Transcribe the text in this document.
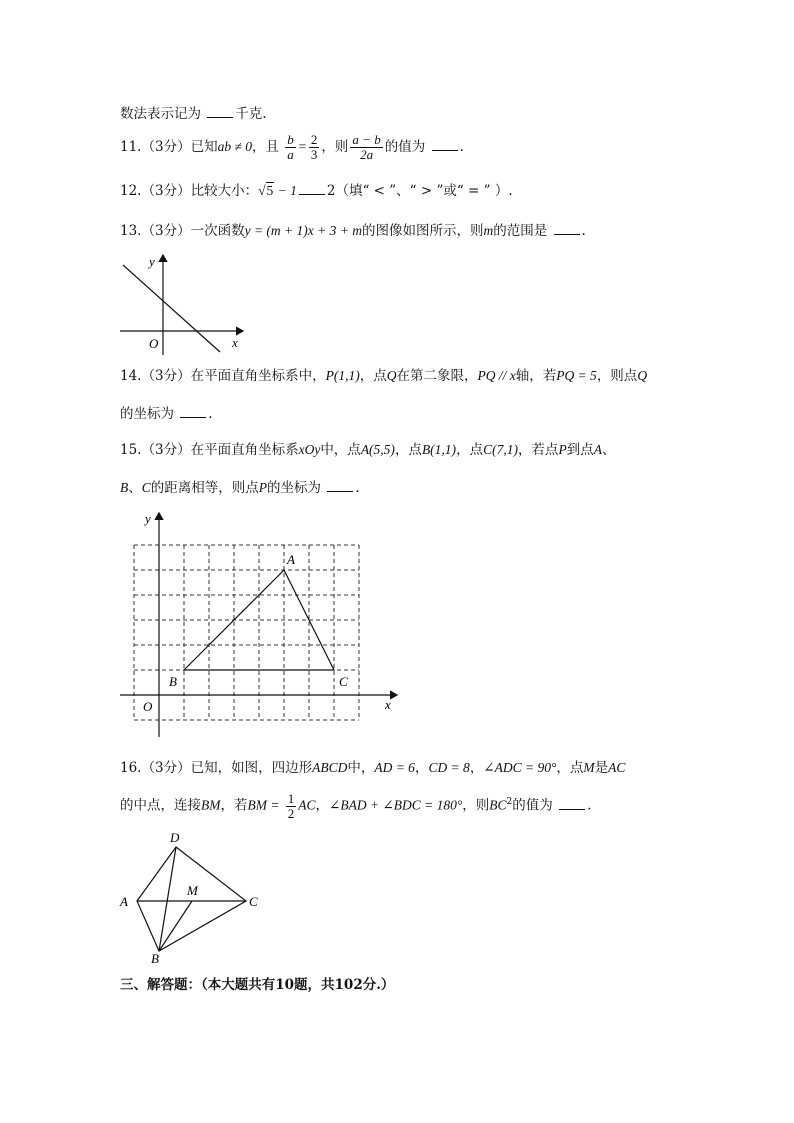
数法表示记为	千克.
11.（3分）已知ab ≠ 0，且 $\frac{b}{a} = \frac{2}{3}$ ，则 $\frac{a - b}{2a}$ 的值为	.
12.（3分）比较大小：√5 − 1 2（填“ < ”、“ > ”或“ = ” ）.
13.（3分）一次函数y = (m + 1)x + 3 + m的图像如图所示，则m的范围是	.
y
x
O
14.（3分）在平面直角坐标系中，P(1,1)，点Q在第二象限，PQ // x轴，若PQ = 5，则点Q
的坐标为	.
15.（3分）在平面直角坐标系xOy中，点A(5,5)，点B(1,1)，点C(7,1)，若点P到点A、
B、C的距离相等，则点P的坐标为	.
y
x
O
A
B	C
16.（3分）已知，如图，四边形ABCD中，AD = 6，CD = 8，∠ADC = 90°，点M是AC
的中点，连接BM，若BM = $\frac{1}{2}$ AC，∠BAD + ∠BDC = 180°，则$BC^2$的值为	.
D
A	C
B
M
三、解答题：（本大题共有10题，共102分.）
